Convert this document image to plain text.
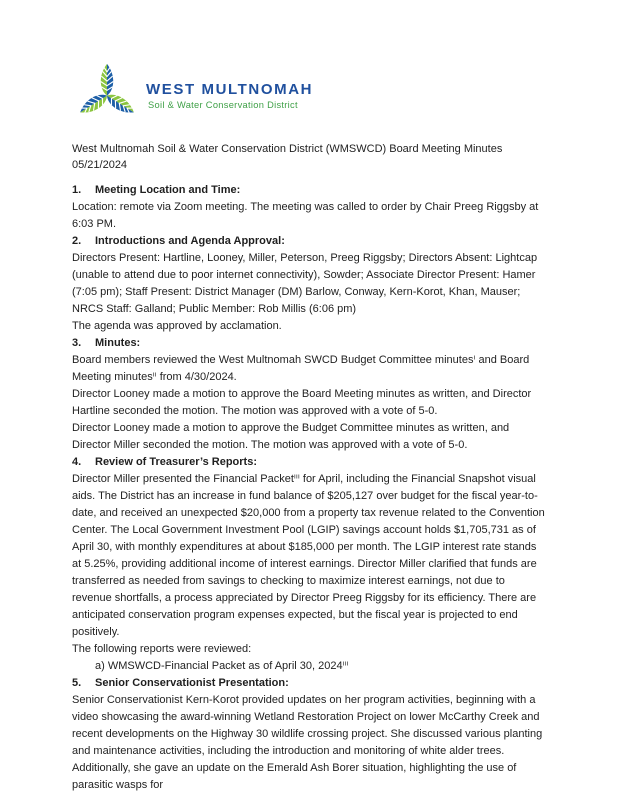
WEST MULTNOMAH
Soil & Water Conservation District

West Multnomah Soil & Water Conservation District (WMSWCD) Board Meeting Minutes 05/21/2024

1.	Meeting Location and Time:

Location: remote via Zoom meeting. The meeting was called to order by Chair Preeg Riggsby at 6:03 PM.

2.	Introductions and Agenda Approval:

Directors Present: Hartline, Looney, Miller, Peterson, Preeg Riggsby; Directors Absent: Lightcap (unable to attend due to poor internet connectivity), Sowder; Associate Director Present: Hamer (7:05 pm); Staff Present: District Manager (DM) Barlow, Conway, Kern-Korot, Khan, Mauser; NRCS Staff: Galland; Public Member: Rob Millis (6:06 pm)

The agenda was approved by acclamation.

3.	Minutes:

Board members reviewed the West Multnomah SWCD Budget Committee minutesⁱ and Board Meeting minutesⁱⁱ from 4/30/2024.

Director Looney made a motion to approve the Board Meeting minutes as written, and Director Hartline seconded the motion. The motion was approved with a vote of 5-0.

Director Looney made a motion to approve the Budget Committee minutes as written, and Director Miller seconded the motion. The motion was approved with a vote of 5-0.

4.	Review of Treasurer’s Reports:

Director Miller presented the Financial Packetⁱⁱⁱ for April, including the Financial Snapshot visual aids. The District has an increase in fund balance of $205,127 over budget for the fiscal year-to-date, and received an unexpected $20,000 from a property tax revenue related to the Convention Center. The Local Government Investment Pool (LGIP) savings account holds $1,705,731 as of April 30, with monthly expenditures at about $185,000 per month. The LGIP interest rate stands at 5.25%, providing additional income of interest earnings. Director Miller clarified that funds are transferred as needed from savings to checking to maximize interest earnings, not due to revenue shortfalls, a process appreciated by Director Preeg Riggsby for its efficiency. There are anticipated conservation program expenses expected, but the fiscal year is projected to end positively.

The following reports were reviewed:

a) WMSWCD-Financial Packet as of April 30, 2024ⁱⁱⁱ

5.	Senior Conservationist Presentation:

Senior Conservationist Kern-Korot provided updates on her program activities, beginning with a video showcasing the award-winning Wetland Restoration Project on lower McCarthy Creek and recent developments on the Highway 30 wildlife crossing project. She discussed various planting and maintenance activities, including the introduction and monitoring of white alder trees. Additionally, she gave an update on the Emerald Ash Borer situation, highlighting the use of parasitic wasps for
